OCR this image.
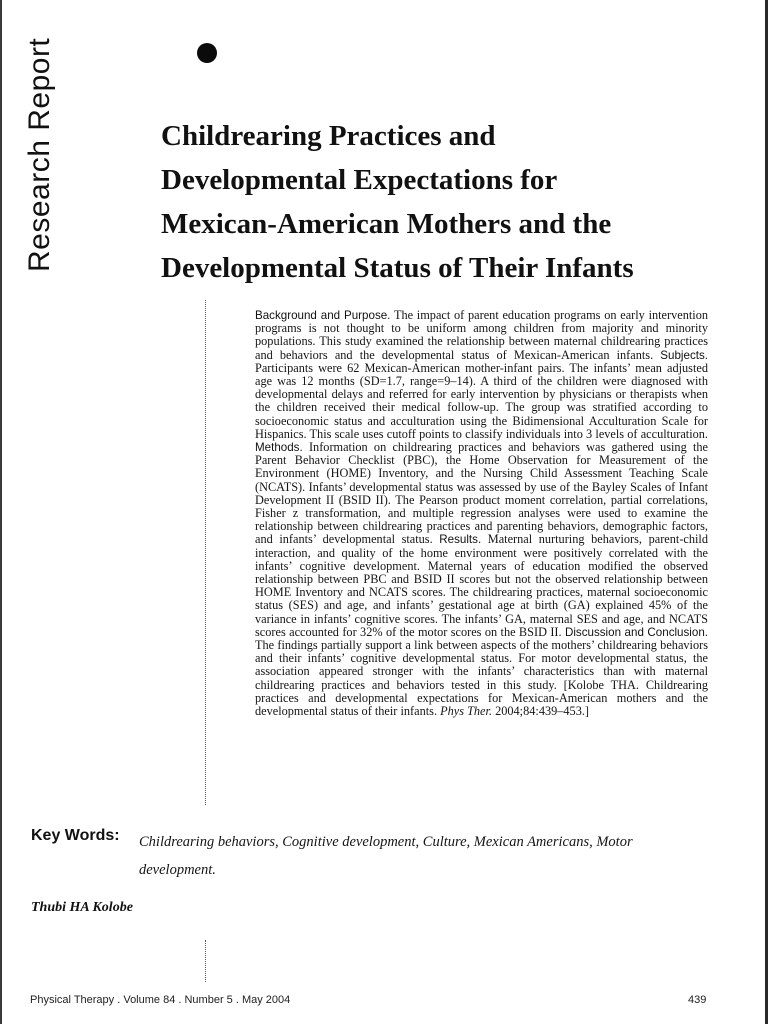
Research Report	Childrearing Practices and
Developmental Expectations for
Mexican-American Mothers and the
Developmental Status of Their Infants

Background and Purpose. The impact of parent education programs on early intervention programs is not thought to be uniform among children from majority and minority populations. This study examined the relationship between maternal childrearing practices and behaviors and the developmental status of Mexican-American infants. Subjects. Participants were 62 Mexican-American mother-infant pairs. The infants’ mean adjusted age was 12 months (SD=1.7, range=9–14). A third of the children were diagnosed with developmental delays and referred for early intervention by physicians or therapists when the children received their medical follow-up. The group was stratified according to socioeconomic status and acculturation using the Bidimensional Acculturation Scale for Hispanics. This scale uses cutoff points to classify individuals into 3 levels of acculturation. Methods. Information on childrearing practices and behaviors was gathered using the Parent Behavior Checklist (PBC), the Home Observation for Measurement of the Environment (HOME) Inventory, and the Nursing Child Assessment Teaching Scale (NCATS). Infants’ developmental status was assessed by use of the Bayley Scales of Infant Development II (BSID II). The Pearson product moment correlation, partial correlations, Fisher z transformation, and multiple regression analyses were used to examine the relationship between childrearing practices and parenting behaviors, demographic factors, and infants’ developmental status. Results. Maternal nurturing behaviors, parent-child interaction, and quality of the home environment were positively correlated with the infants’ cognitive development. Maternal years of education modified the observed relationship between PBC and BSID II scores but not the observed relationship between HOME Inventory and NCATS scores. The childrearing practices, maternal socioeconomic status (SES) and age, and infants’ gestational age at birth (GA) explained 45% of the variance in infants’ cognitive scores. The infants’ GA, maternal SES and age, and NCATS scores accounted for 32% of the motor scores on the BSID II. Discussion and Conclusion. The findings partially support a link between aspects of the mothers’ childrearing behaviors and their infants’ cognitive developmental status. For motor developmental status, the association appeared stronger with the infants’ characteristics than with maternal childrearing practices and behaviors tested in this study. [Kolobe THA. Childrearing practices and developmental expectations for Mexican-American mothers and the developmental status of their infants. Phys Ther. 2004;84:439–453.]

Key Words: Childrearing behaviors, Cognitive development, Culture, Mexican Americans, Motor development.

Thubi HA Kolobe
Physical Therapy . Volume 84 . Number 5 . May 2004	439
